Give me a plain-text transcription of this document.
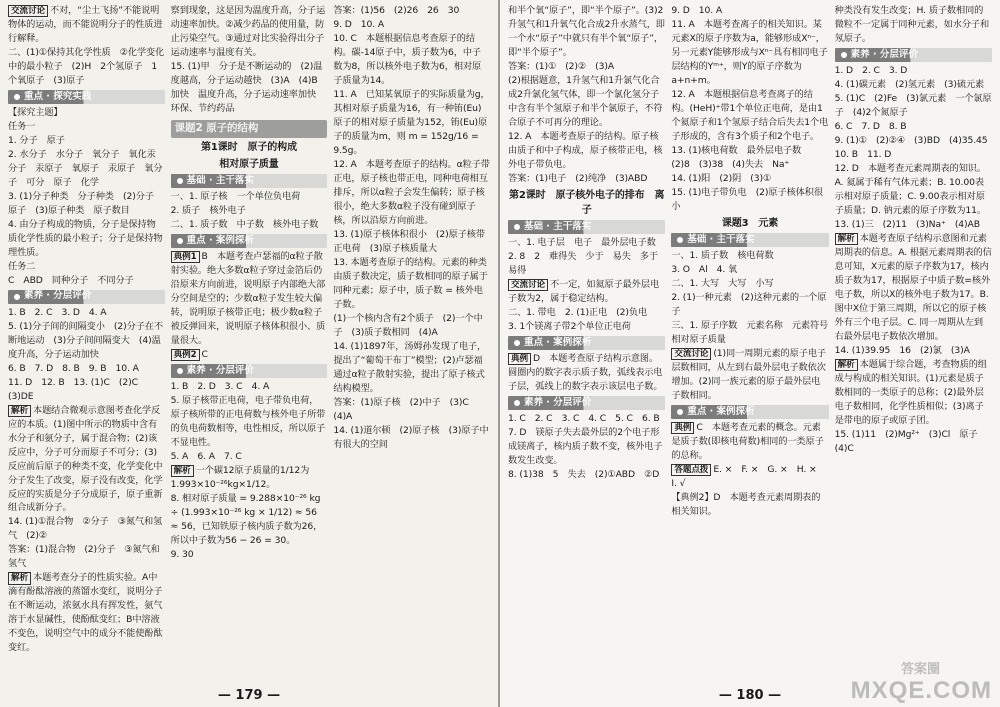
交流讨论 不对，“尘土飞扬”不能说明物体的运动，而不能说明分子的性质进行解释。

二、(1)①保持其化学性质　②化学变化中的最小粒子　(2)H　2个氢原子　1个氧原子　(3)原子

重点 · 探究实践

【探究主题】

任务一

1. 分子　原子

2. 水分子　水分子　氧分子　氧化汞分子　汞原子　氧原子　汞原子　氧分子　可分　原子　化学

3. (1)分子种类　分子种类　(2)分子　原子　(3)原子种类　原子数目

4. 由分子构成的物质，分子是保持物质化学性质的最小粒子；分子是保持物理性质。

任务二

C　ABD　同种分子　不同分子

素养 · 分层评价

1. B　2. C　3. D　4. A

5. (1)分子间的间隔变小　(2)分子在不断地运动　(3)分子间间隔变大　(4)温度升高，分子运动加快

6. B　7. D　8. B　9. B　10. A

11. D　12. B　13. (1)C　(2)C　(3)DE

解析 本题结合微观示意图考查化学反应的本质。(1)图中所示的物质中含有水分子和氨分子，属于混合物；(2)该反应中，分子可分而原子不可分；(3)反应前后原子的种类不变，化学变化中分子发生了改变，原子没有改变，化学反应的实质是分子分成原子，原子重新组合成新分子。

14. (1)①混合物　②分子　③氮气和氢气　(2)②

答案：(1)混合物　(2)分子　③氮气和氢气

解析 本题考查分子的性质实验。A中滴有酚酞溶液的蒸馏水变红，说明分子在不断运动，浓氨水具有挥发性，氨气溶于水显碱性，使酚酞变红；B中溶液不变色，说明空气中的成分不能使酚酞变红。

察到现象，这是因为温度升高，分子运动速率加快。②减少药品的使用量，防止污染空气。③通过对比实验得出分子运动速率与温度有关。

15. (1)甲　分子是不断运动的　(2)温度越高，分子运动越快　(3)A　(4)B　加快　温度升高，分子运动速率加快　环保、节约药品

课题2 原子的结构
第1课时　原子的构成
相对原子质量
基础 · 主干落实

一、1. 原子核　一个单位负电荷

2. 质子　核外电子

二、1. 质子数　中子数　核外电子数

重点 · 案例探析

典例1 B　本题考查卢瑟福的α粒子散射实验。绝大多数α粒子穿过金箔后仍沿原来方向前进，说明原子内部绝大部分空间是空的；少数α粒子发生较大偏转，说明原子核带正电；极少数α粒子被反弹回来，说明原子核体积很小、质量很大。

典例2 C

素养 · 分层评价

1. B　2. D　3. C　4. A

5. 原子核带正电荷，电子带负电荷，原子核所带的正电荷数与核外电子所带的负电荷数相等，电性相反，所以原子不显电性。

5. A　6. A　7. C

解析 一个碳12原子质量的1/12为1.993×10⁻²⁶kg×1/12。

8. 相对原子质量 = 9.288×10⁻²⁶ kg ÷ (1.993×10⁻²⁶ kg × 1/12) ≈ 56

≈ 56，已知铁原子核内质子数为26，所以中子数为56 − 26 = 30。

9. 30

答案：(1)56　(2)26　26　30

9. D　10. A

10. C　本题根据信息考查原子的结构。碳-14原子中，质子数为6，中子数为8，所以核外电子数为6，相对原子质量为14。

11. A　已知某氧原子的实际质量为g，其相对原子质量为16，有一种铕(Eu)原子的相对原子质量为152，铕(Eu)原子的质量为m，则 m = 152g/16 = 9.5g。

12. A　本题考查原子的结构。α粒子带正电，原子核也带正电，同种电荷相互排斥，所以α粒子会发生偏转；原子核很小，绝大多数α粒子没有碰到原子核，所以沿原方向前进。

13. (1)原子核体积很小　(2)原子核带正电荷　(3)原子核质量大

13. 本题考查原子的结构。元素的种类由质子数决定，质子数相同的原子属于同种元素；原子中，质子数 = 核外电子数。

(1)一个核内含有2个质子　(2)一个中子　(3)质子数相同　(4)A

14. (1)1897年，汤姆孙发现了电子，提出了“葡萄干布丁”模型；(2)卢瑟福通过α粒子散射实验，提出了原子核式结构模型。

答案：(1)原子核　(2)中子　(3)C

(4)A

14. (1)道尔顿　(2)原子核　(3)原子中有很大的空间

— 179 —

和半个氧“原子”，即“半个原子”。(3)2升氢气和1升氧气化合成2升水蒸气，即一个水“原子”中就只有半个氧“原子”，即“半个原子”。

答案：(1)①　(2)②　(3)A

(2)根据题意，1升氢气和1升氯气化合成2升氯化氢气体，即一个氯化氢分子中含有半个氢原子和半个氯原子，不符合原子不可再分的理论。

12. A　本题考查原子的结构。原子核由质子和中子构成，原子核带正电，核外电子带负电。

答案：(1)电子　(2)纯净　(3)ABD

第2课时　原子核外电子的排布　离子
基础 · 主干落实

一、1. 电子层　电子　最外层电子数

2. 8　2　难得失　少于　易失　多于　易得

交流讨论 不一定，如氦原子最外层电子数为2，属于稳定结构。

二、1. 带电　2. (1)正电　(2)负电

3. 1个镁离子带2个单位正电荷

重点 · 案例探析

典例 D　本题考查原子结构示意图。圆圈内的数字表示质子数，弧线表示电子层，弧线上的数字表示该层电子数。

素养 · 分层评价

1. C　2. C　3. C　4. C　5. C　6. B

7. D　镁原子失去最外层的2个电子形成镁离子，核内质子数不变，核外电子数发生改变。

8. (1)38　5　失去　(2)①ABD　②D

9. D　10. A

11. A　本题考查离子的相关知识。某元素X的原子序数为a，能够形成Xⁿ⁻，另一元素Y能够形成与Xⁿ⁻具有相同电子层结构的Yᵐ⁺，则Y的原子序数为a+n+m。

12. A　本题根据信息考查离子的结构。(HeH)⁺带1个单位正电荷，是由1个氦原子和1个氢原子结合后失去1个电子形成的，含有3个质子和2个电子。

13. (1)核电荷数　最外层电子数　(2)8　(3)38　(4)失去　Na⁺

14. (1)阳　(2)阴　(3)①

15. (1)电子带负电　(2)原子核体积很小

课题3　元素
基础 · 主干落实

一、1. 质子数　核电荷数

3. O　Al　4. 氧

二、1. 大写　大写　小写

2. (1)一种元素　(2)这种元素的一个原子

三、1. 原子序数　元素名称　元素符号　相对原子质量

交流讨论 (1)同一周期元素的原子电子层数相同，从左到右最外层电子数依次增加。(2)同一族元素的原子最外层电子数相同。

重点 · 案例探析

典例 C　本题考查元素的概念。元素是质子数(即核电荷数)相同的一类原子的总称。

答题点拨 E. ×　F. ×　G. ×　H. ×　I. √

【典例2】D　本题考查元素周期表的相关知识。

种类没有发生改变；H. 质子数相同的微粒不一定属于同种元素，如水分子和氖原子。

素养 · 分层评价

1. D　2. C　3. D

4. (1)碳元素　(2)氢元素　(3)硫元素

5. (1)C　(2)Fe　(3)氯元素　一个氯原子　(4)2个氮原子

6. C　7. D　8. B

9. (1)①　(2)②④　(3)BD　(4)35.45

10. B　11. D

12. D　本题考查元素周期表的知识。A. 氦属于稀有气体元素；B. 10.00表示相对原子质量；C. 9.00表示相对原子质量；D. 钠元素的原子序数为11。

13. (1)三　(2)11　(3)Na⁺　(4)AB

解析 本题考查原子结构示意图和元素周期表的信息。A. 根据元素周期表的信息可知，X元素的原子序数为17，核内质子数为17，根据原子中质子数=核外电子数，所以X的核外电子数为17。B. 图中X位于第三周期，所以它的原子核外有三个电子层。C. 同一周期从左到右最外层电子数依次增加。

14. (1)39.95　16　(2)氯　(3)A

解析 本题属于综合题，考查物质的组成与构成的相关知识。(1)元素是质子数相同的一类原子的总称；(2)最外层电子数相同，化学性质相似；(3)离子是带电的原子或原子团。

15. (1)11　(2)Mg²⁺　(3)Cl　原子　(4)C

— 180 —
答案圈
MXQE.COM
